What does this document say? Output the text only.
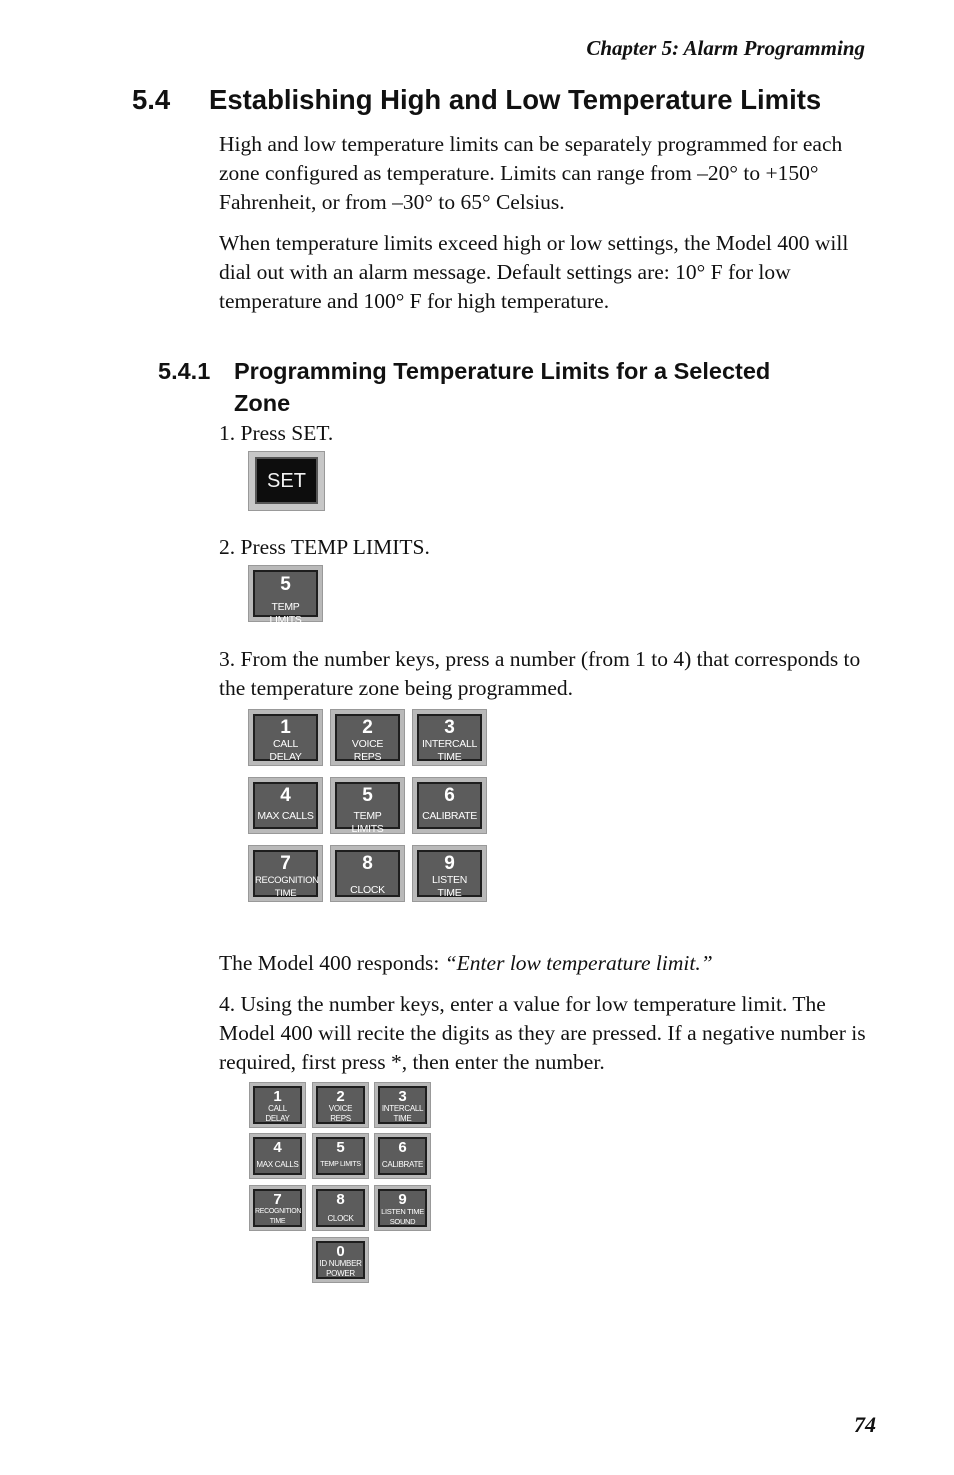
Chapter 5: Alarm Programming
5.4 Establishing High and Low Temperature Limits
High and low temperature limits can be separately programmed for each zone configured as temperature. Limits can range from –20° to +150° Fahrenheit, or from –30° to 65° Celsius.
When temperature limits exceed high or low settings, the Model 400 will dial out with an alarm message. Default settings are: 10° F for low temperature and 100° F for high temperature.
5.4.1 Programming Temperature Limits for a Selected
Zone
1. Press SET.
SET
2. Press TEMP LIMITS.
5
TEMP LIMITS
3. From the number keys, press a number (from 1 to 4) that corresponds to the temperature zone being programmed.
1
CALL
DELAY
2
VOICE
REPS
3
INTERCALL
TIME
4
MAX CALLS
5
TEMP LIMITS
6
CALIBRATE
7
RECOGNITION
TIME
8
CLOCK
9
LISTEN TIME
SOUND
The Model 400 responds: “Enter low temperature limit.”
4. Using the number keys, enter a value for low temperature limit. The Model 400 will recite the digits as they are pressed. If a negative number is required, first press *, then enter the number.
1
CALL
DELAY
2
VOICE
REPS
3
INTERCALL
TIME
4
MAX CALLS
5
TEMP LIMITS
6
CALIBRATE
7
RECOGNITION
TIME
8
CLOCK
9
LISTEN TIME
SOUND
0
ID NUMBER
POWER
74
